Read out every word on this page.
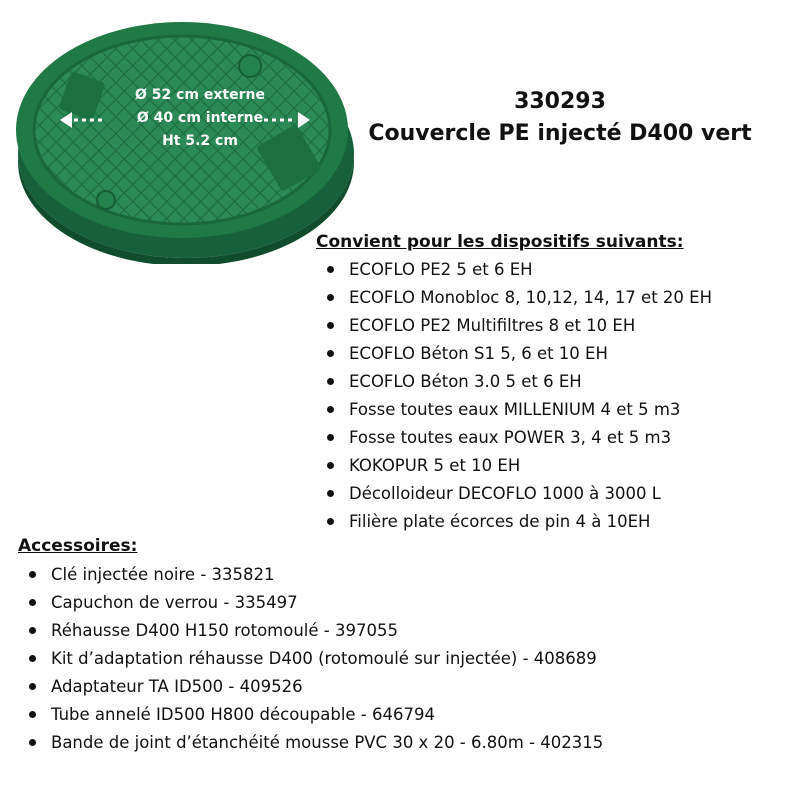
Ø 52 cm externe
Ø 40 cm interne
Ht 5.2 cm
330293
Couvercle PE injecté D400 vert
Convient pour les dispositifs suivants:
ECOFLO PE2 5 et 6 EH
ECOFLO Monobloc 8, 10,12, 14, 17 et 20 EH
ECOFLO PE2 Multifiltres 8 et 10 EH
ECOFLO Béton S1 5, 6 et 10 EH
ECOFLO Béton 3.0 5 et 6 EH
Fosse toutes eaux MILLENIUM 4 et 5 m3
Fosse toutes eaux POWER 3, 4 et 5 m3
KOKOPUR 5 et 10 EH
Décolloideur DECOFLO 1000 à 3000 L
Filière plate écorces de pin 4 à 10EH
Accessoires:
Clé injectée noire - 335821
Capuchon de verrou - 335497
Réhausse D400 H150 rotomoulé - 397055
Kit d’adaptation réhausse D400 (rotomoulé sur injectée) - 408689
Adaptateur TA ID500 - 409526
Tube annelé ID500 H800 découpable - 646794
Bande de joint d’étanchéité mousse PVC 30 x 20 - 6.80m - 402315
